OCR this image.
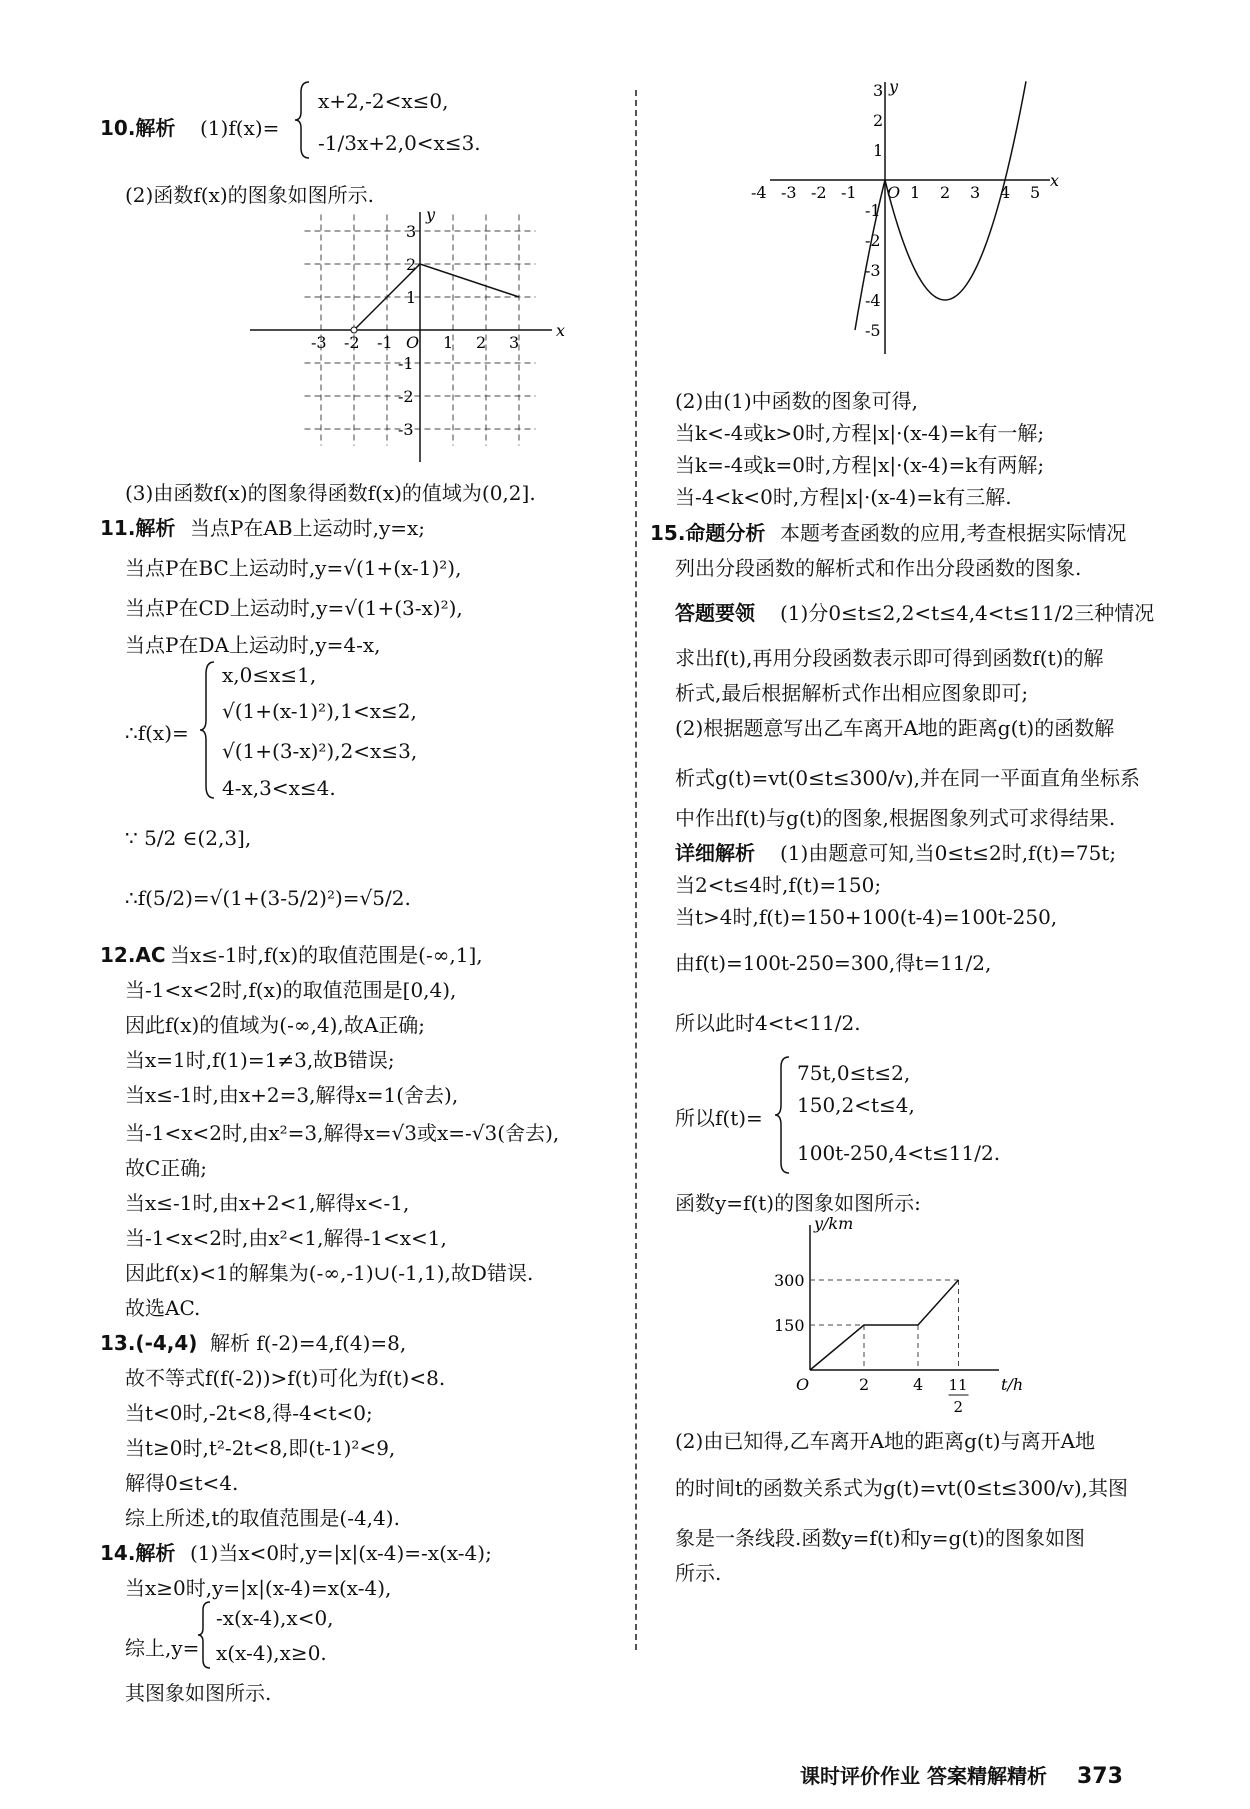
10.解析 (1)f(x)=
x+2,-2<x≤0,
-1/3x+2,0<x≤3.
(2)函数f(x)的图象如图所示.
x
y
O
-3 -2 -1	1 2 3
3
2
1
-1
-2
-3
(3)由函数f(x)的图象得函数f(x)的值域为(0,2].
11.解析 当点P在AB上运动时,y=x;
当点P在BC上运动时,y=√(1+(x-1)²),
当点P在CD上运动时,y=√(1+(3-x)²),
当点P在DA上运动时,y=4-x,
∴f(x)=
x,0≤x≤1,
√(1+(x-1)²),1<x≤2,
√(1+(3-x)²),2<x≤3,
4-x,3<x≤4.
∵ 5/2 ∈(2,3],
∴f(5/2)=√(1+(3-5/2)²)=√5/2.
12.AC 当x≤-1时,f(x)的取值范围是(-∞,1],
当-1<x<2时,f(x)的取值范围是[0,4),
因此f(x)的值域为(-∞,4),故A正确;
当x=1时,f(1)=1≠3,故B错误;
当x≤-1时,由x+2=3,解得x=1(舍去),
当-1<x<2时,由x²=3,解得x=√3或x=-√3(舍去),
故C正确;
当x≤-1时,由x+2<1,解得x<-1,
当-1<x<2时,由x²<1,解得-1<x<1,
因此f(x)<1的解集为(-∞,-1)∪(-1,1),故D错误.
故选AC.
13.(-4,4) 解析 f(-2)=4,f(4)=8,
故不等式f(f(-2))>f(t)可化为f(t)<8.
当t<0时,-2t<8,得-4<t<0;
当t≥0时,t²-2t<8,即(t-1)²<9,
解得0≤t<4.
综上所述,t的取值范围是(-4,4).
14.解析 (1)当x<0时,y=|x|(x-4)=-x(x-4);
当x≥0时,y=|x|(x-4)=x(x-4),
综上,y=
-x(x-4),x<0,
x(x-4),x≥0.
其图象如图所示.
x
y
O
-4 -3 -2 -1	1 2 3 4 5
3
2
1
-1
-2
-3
-4
-5
(2)由(1)中函数的图象可得,
当k<-4或k>0时,方程|x|·(x-4)=k有一解;
当k=-4或k=0时,方程|x|·(x-4)=k有两解;
当-4<k<0时,方程|x|·(x-4)=k有三解.
15.命题分析 本题考查函数的应用,考查根据实际情况
列出分段函数的解析式和作出分段函数的图象.
答题要领 (1)分0≤t≤2,2<t≤4,4<t≤11/2三种情况
求出f(t),再用分段函数表示即可得到函数f(t)的解
析式,最后根据解析式作出相应图象即可;
(2)根据题意写出乙车离开A地的距离g(t)的函数解
析式g(t)=vt(0≤t≤300/v),并在同一平面直角坐标系
中作出f(t)与g(t)的图象,根据图象列式可求得结果.
详细解析 (1)由题意可知,当0≤t≤2时,f(t)=75t;
当2<t≤4时,f(t)=150;
当t>4时,f(t)=150+100(t-4)=100t-250,
由f(t)=100t-250=300,得t=11/2,
所以此时4<t<11/2.
所以f(t)=
75t,0≤t≤2,
150,2<t≤4,
100t-250,4<t≤11/2.
函数y=f(t)的图象如图所示:
t/h
y/km
O
300
150
2	4 11
2
(2)由已知得,乙车离开A地的距离g(t)与离开A地
的时间t的函数关系式为g(t)=vt(0≤t≤300/v),其图
象是一条线段.函数y=f(t)和y=g(t)的图象如图
所示.
课时评价作业 答案精解精析 373
